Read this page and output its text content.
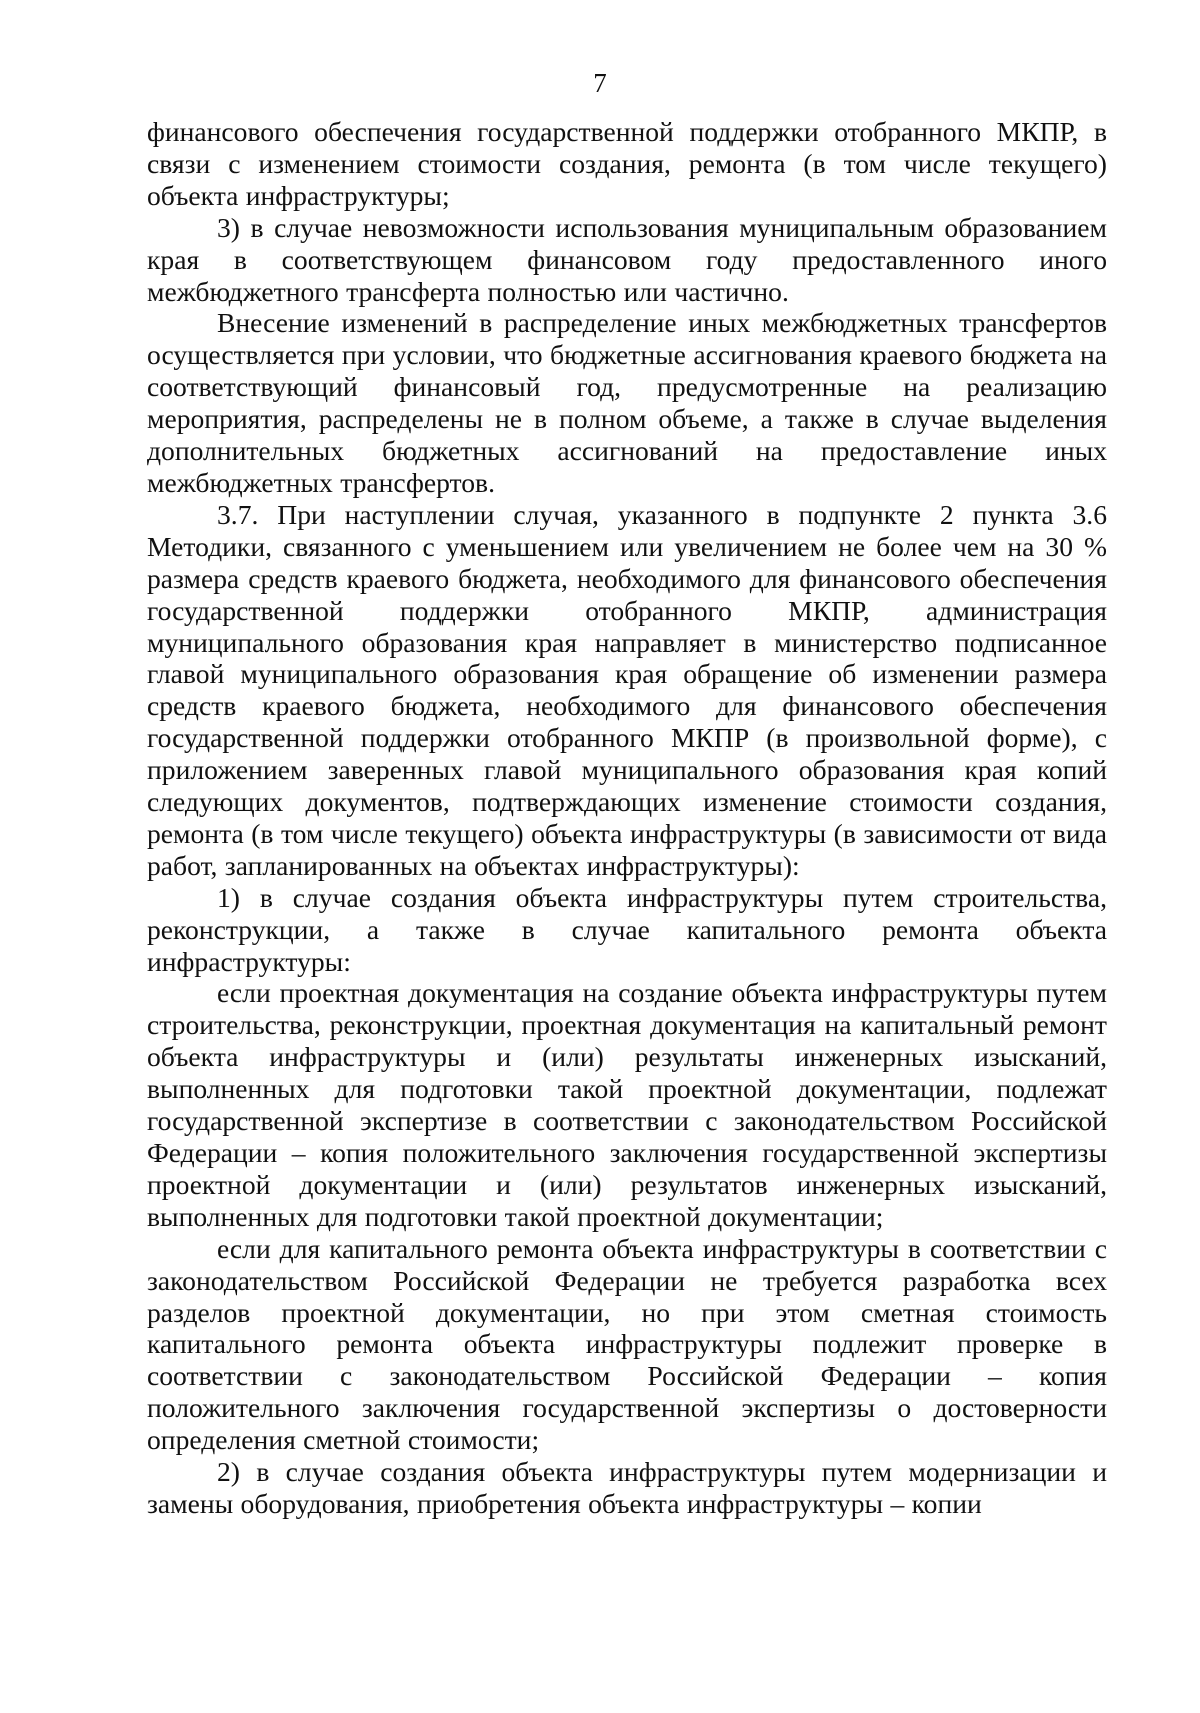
7

финансового обеспечения государственной поддержки отобранного МКПР, в связи с изменением стоимости создания, ремонта (в том числе текущего) объекта инфраструктуры;

3) в случае невозможности использования муниципальным образованием края в соответствующем финансовом году предоставленного иного межбюджетного трансферта полностью или частично.

Внесение изменений в распределение иных межбюджетных трансфертов осуществляется при условии, что бюджетные ассигнования краевого бюджета на соответствующий финансовый год, предусмотренные на реализацию мероприятия, распределены не в полном объеме, а также в случае выделения дополнительных бюджетных ассигнований на предоставление иных межбюджетных трансфертов.

3.7. При наступлении случая, указанного в подпункте 2 пункта 3.6 Методики, связанного с уменьшением или увеличением не более чем на 30 % размера средств краевого бюджета, необходимого для финансового обеспечения государственной поддержки отобранного МКПР, администрация муниципального образования края направляет в министерство подписанное главой муниципального образования края обращение об изменении размера средств краевого бюджета, необходимого для финансового обеспечения государственной поддержки отобранного МКПР (в произвольной форме), с приложением заверенных главой муниципального образования края копий следующих документов, подтверждающих изменение стоимости создания, ремонта (в том числе текущего) объекта инфраструктуры (в зависимости от вида работ, запланированных на объектах инфраструктуры):

1) в случае создания объекта инфраструктуры путем строительства, реконструкции, а также в случае капитального ремонта объекта инфраструктуры:

если проектная документация на создание объекта инфраструктуры путем строительства, реконструкции, проектная документация на капитальный ремонт объекта инфраструктуры и (или) результаты инженерных изысканий, выполненных для подготовки такой проектной документации, подлежат государственной экспертизе в соответствии с законодательством Российской Федерации – копия положительного заключения государственной экспертизы проектной документации и (или) результатов инженерных изысканий, выполненных для подготовки такой проектной документации;

если для капитального ремонта объекта инфраструктуры в соответствии с законодательством Российской Федерации не требуется разработка всех разделов проектной документации, но при этом сметная стоимость капитального ремонта объекта инфраструктуры подлежит проверке в соответствии с законодательством Российской Федерации – копия положительного заключения государственной экспертизы о достоверности определения сметной стоимости;

2) в случае создания объекта инфраструктуры путем модернизации и замены оборудования, приобретения объекта инфраструктуры – копии
